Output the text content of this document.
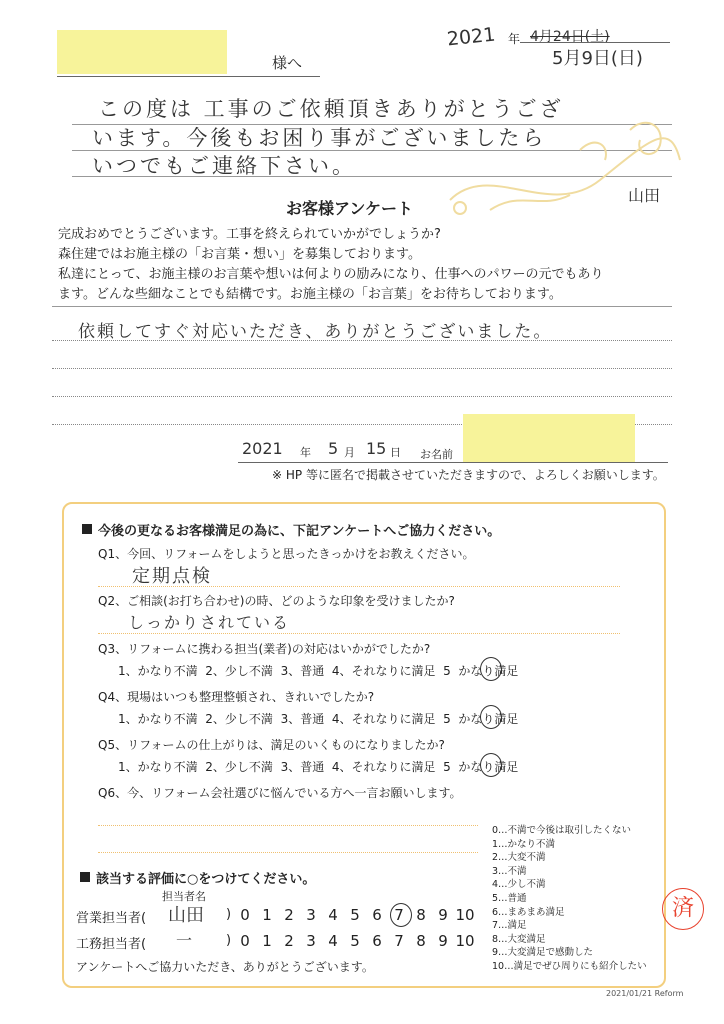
様へ
2021 年 4月24日(土)
5月9日(日)
この度は 工事のご依頼頂きありがとうござ
います。今後もお困り事がございましたら
いつでもご連絡下さい。
山田
お客様アンケート
完成おめでとうございます。工事を終えられていかがでしょうか?
森住建ではお施主様の「お言葉・想い」を募集しております。
私達にとって、お施主様のお言葉や想いは何よりの励みになり、仕事へのパワーの元でもあり
ます。どんな些細なことでも結構です。お施主様の「お言葉」をお待ちしております。
依頼してすぐ対応いただき、ありがとうございました。
2021 年 5 月 15 日 お名前
※ HP 等に匿名で掲載させていただきますので、よろしくお願いします。
今後の更なるお客様満足の為に、下記アンケートへご協力ください。
Q1、今回、リフォームをしようと思ったきっかけをお教えください。
定期点検
Q2、ご相談(お打ち合わせ)の時、どのような印象を受けましたか?
しっかりされている
Q3、リフォームに携わる担当(業者)の対応はいかがでしたか?
1、かなり不満 2、少し不満 3、普通 4、それなりに満足 5 かなり満足
Q4、現場はいつも整理整頓され、きれいでしたか?
1、かなり不満 2、少し不満 3、普通 4、それなりに満足 5 かなり満足
Q5、リフォームの仕上がりは、満足のいくものになりましたか?
1、かなり不満 2、少し不満 3、普通 4、それなりに満足 5 かなり満足
Q6、今、リフォーム会社選びに悩んでいる方へ一言お願いします。
0…不満で今後は取引したくない
1…かなり不満
2…大変不満
3…不満
4…少し不満
5…普通
6…まあまあ満足
7…満足
8…大変満足
9…大変満足で感動した
10…満足でぜひ周りにも紹介したい
該当する評価に○をつけてください。
担当者名
営業担当者( 山田 ) 0 1 2 3 4 5 6 7 8 9 10
工務担当者( 一	) 0 1 2 3 4 5 6 7 8 9 10
アンケートへご協力いただき、ありがとうございます。
済
2021/01/21 Reform
